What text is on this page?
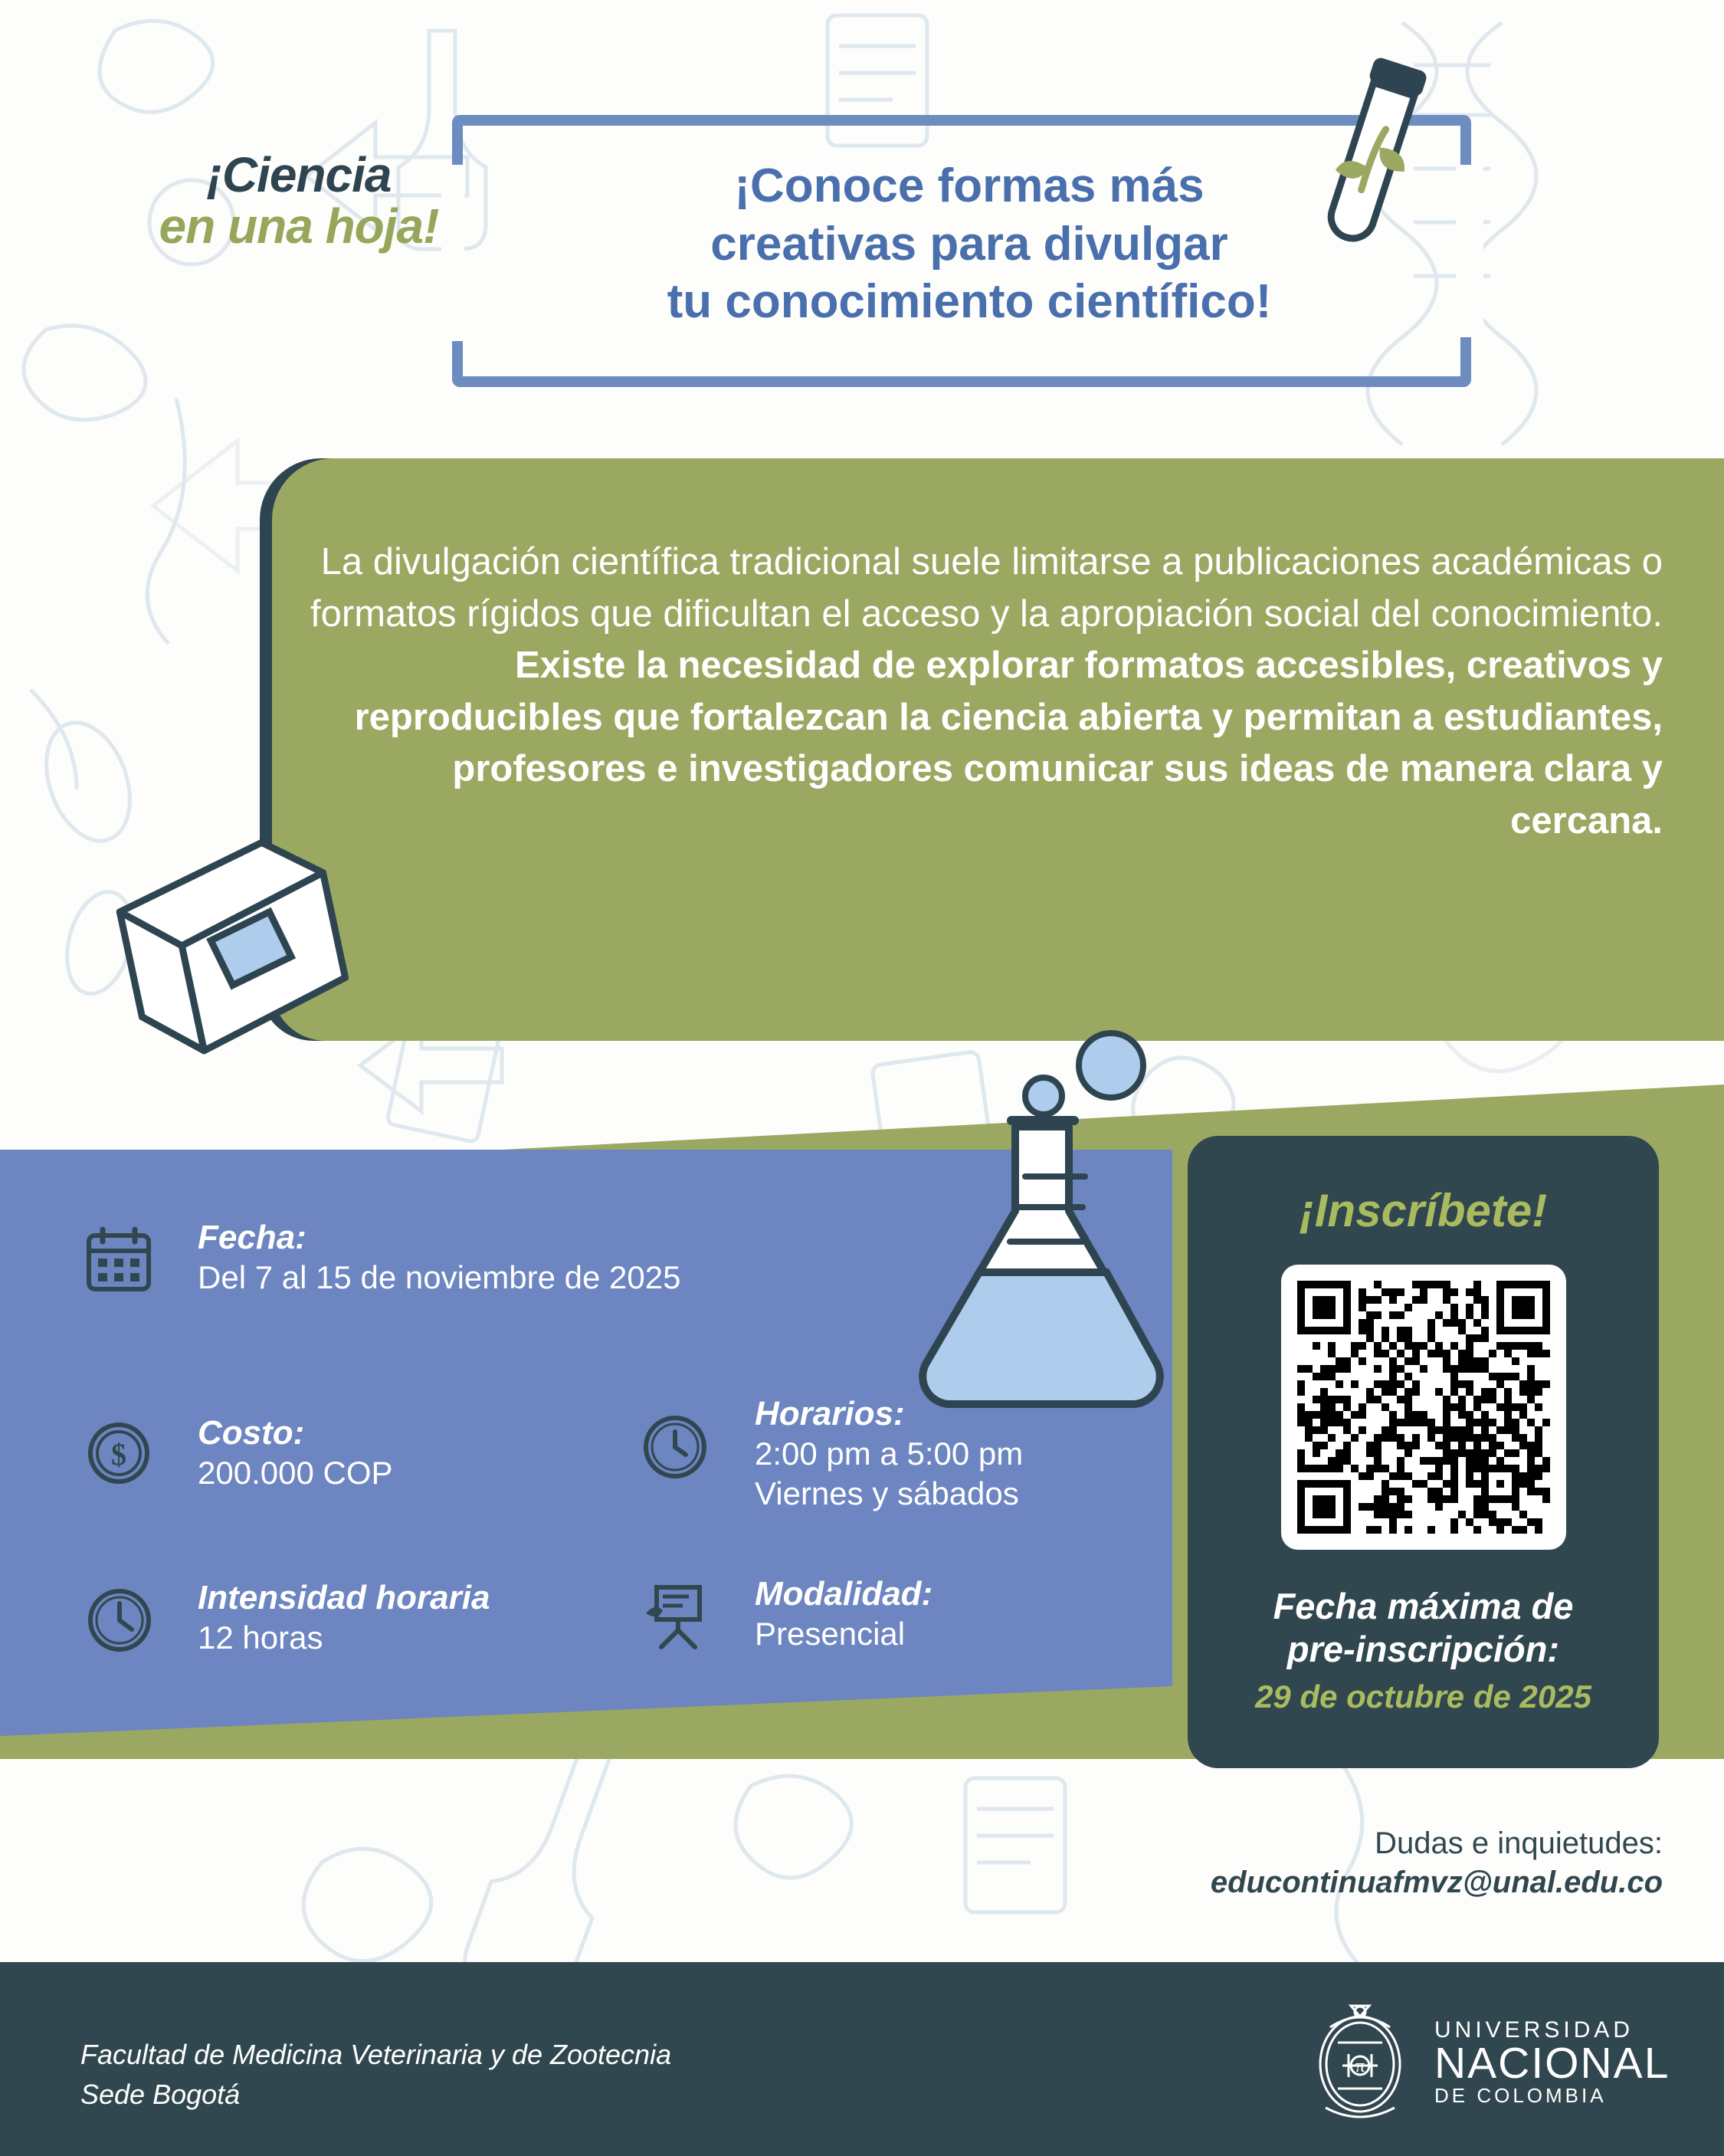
¡Ciencia
en una hoja!
¡Conoce formas más
creativas para divulgar
tu conocimiento científico!
La divulgación científica tradicional suele limitarse a publicaciones académicas o formatos rígidos que dificultan el acceso y la apropiación social del conocimiento. Existe la necesidad de explorar formatos accesibles, creativos y reproducibles que fortalezcan la ciencia abierta y permitan a estudiantes, profesores e investigadores comunicar sus ideas de manera clara y cercana.
Fecha:
Del 7 al 15 de noviembre de 2025
$
Costo:
200.000 COP
Horarios:
2:00 pm a 5:00 pm
Viernes y sábados
Intensidad horaria
12 horas
Modalidad:
Presencial
¡Inscríbete!
Fecha máxima de
pre-inscripción:
29 de octubre de 2025
Dudas e inquietudes:
educontinuafmvz@unal.edu.co
Facultad de Medicina Veterinaria y de Zootecnia
Sede Bogotá
π
UNIVERSIDAD
NACIONAL
DE COLOMBIA
